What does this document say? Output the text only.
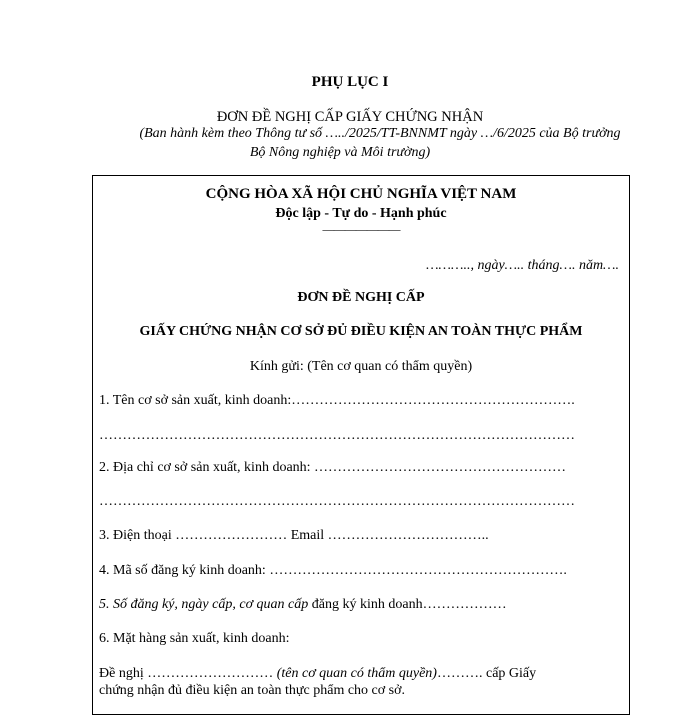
PHỤ LỤC I
ĐƠN ĐỀ NGHỊ CẤP GIẤY CHỨNG NHẬN
(Ban hành kèm theo Thông tư số …../2025/TT-BNNMT ngày …/6/2025 của Bộ trưởng
Bộ Nông nghiệp và Môi trường)
CỘNG HÒA XÃ HỘI CHỦ NGHĨA VIỆT NAM
Độc lập - Tự do - Hạnh phúc
———————
……….., ngày….. tháng…. năm….
ĐƠN ĐỀ NGHỊ CẤP
GIẤY CHỨNG NHẬN CƠ SỞ ĐỦ ĐIỀU KIỆN AN TOÀN THỰC PHẨM
Kính gửi: (Tên cơ quan có thẩm quyền)
1. Tên cơ sở sản xuất, kinh doanh:…………………………………………………….
…………………………………………………………………………………………
2. Địa chỉ cơ sở sản xuất, kinh doanh: ………………………………………………
…………………………………………………………………………………………
3. Điện thoại …………………… Email ……………………………..
4. Mã số đăng ký kinh doanh: ……………………………………………………….
5. Số đăng ký, ngày cấp, cơ quan cấp đăng ký kinh doanh………………
6. Mặt hàng sản xuất, kinh doanh:
Đề nghị ……………………… (tên cơ quan có thẩm quyền)………. cấp Giấy
chứng nhận đủ điều kiện an toàn thực phẩm cho cơ sở.
